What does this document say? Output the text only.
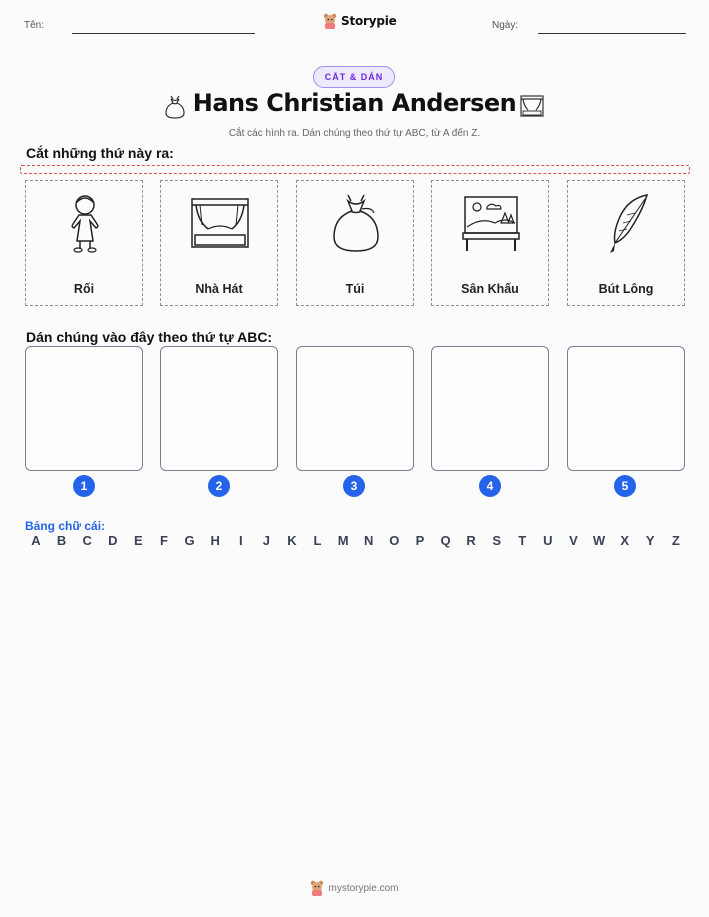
Tên:	Storypie	Ngày:
CẮT & DÁN
Hans Christian Andersen
Cắt các hình ra. Dán chúng theo thứ tự ABC, từ A đến Z.
Cắt những thứ này ra:
Rối	Nhà Hát	Túi	Sân Khấu	Bút Lông
Dán chúng vào đây theo thứ tự ABC:
1	2	3	4	5
Bảng chữ cái:
A B C D E	F	G H	I	J	K	L	M N O P Q R S	T	U V W X Y	Z
mystorypie.com
